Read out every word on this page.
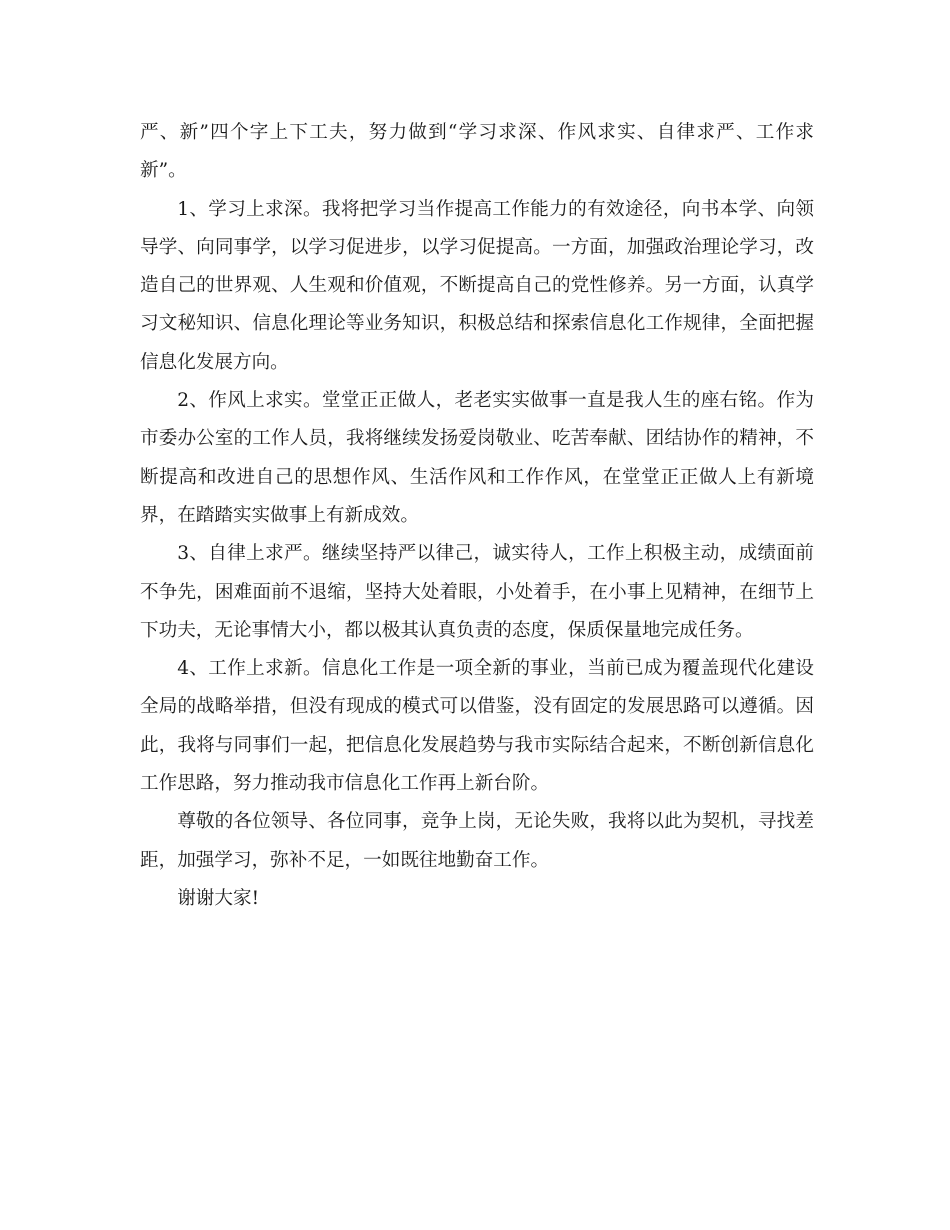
严、新”四个字上下工夫，努力做到“学习求深、作风求实、自律求严、工作求新”。

1、学习上求深。我将把学习当作提高工作能力的有效途径，向书本学、向领导学、向同事学，以学习促进步，以学习促提高。一方面，加强政治理论学习，改造自己的世界观、人生观和价值观，不断提高自己的党性修养。另一方面，认真学习文秘知识、信息化理论等业务知识，积极总结和探索信息化工作规律，全面把握信息化发展方向。

2、作风上求实。堂堂正正做人，老老实实做事一直是我人生的座右铭。作为市委办公室的工作人员，我将继续发扬爱岗敬业、吃苦奉献、团结协作的精神，不断提高和改进自己的思想作风、生活作风和工作作风，在堂堂正正做人上有新境界，在踏踏实实做事上有新成效。

3、自律上求严。继续坚持严以律己，诚实待人，工作上积极主动，成绩面前不争先，困难面前不退缩，坚持大处着眼，小处着手，在小事上见精神，在细节上下功夫，无论事情大小，都以极其认真负责的态度，保质保量地完成任务。

4、工作上求新。信息化工作是一项全新的事业，当前已成为覆盖现代化建设全局的战略举措，但没有现成的模式可以借鉴，没有固定的发展思路可以遵循。因此，我将与同事们一起，把信息化发展趋势与我市实际结合起来，不断创新信息化工作思路，努力推动我市信息化工作再上新台阶。

尊敬的各位领导、各位同事，竞争上岗，无论失败，我将以此为契机，寻找差距，加强学习，弥补不足，一如既往地勤奋工作。

谢谢大家!
